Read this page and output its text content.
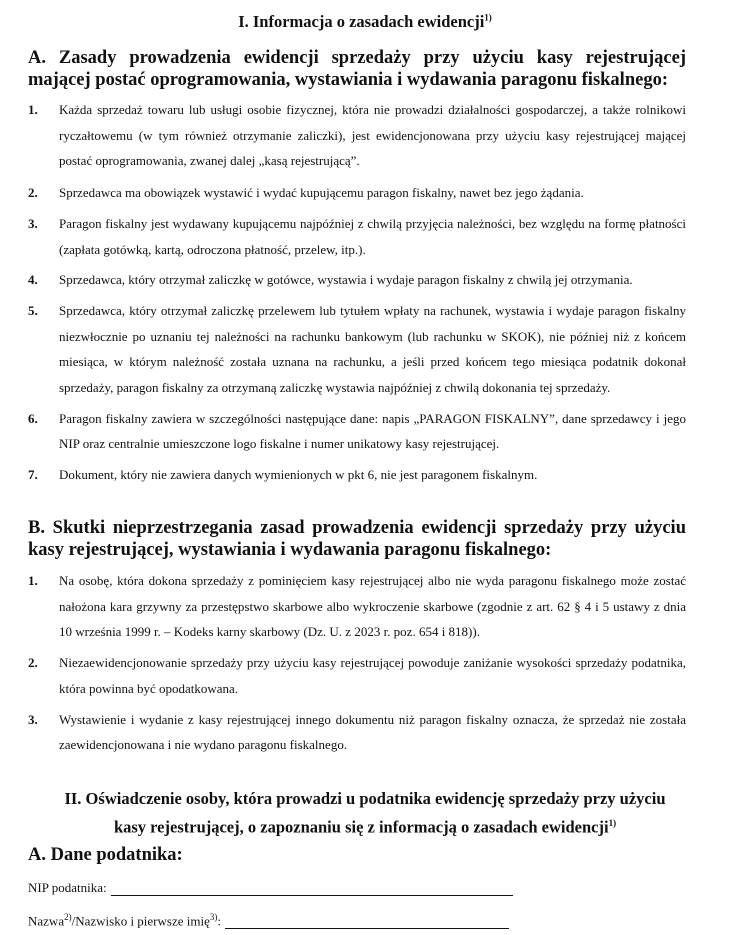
I. Informacja o zasadach ewidencji$^{1)}$
A. Zasady prowadzenia ewidencji sprzedaży przy użyciu kasy rejestrującej
mającej postać oprogramowania, wystawiania i wydawania paragonu fiskalnego:
1. Każda sprzedaż towaru lub usługi osobie fizycznej, która nie prowadzi działalności gospodarczej, a także rolnikowi ryczałtowemu (w tym również otrzymanie zaliczki), jest ewidencjonowana przy użyciu kasy rejestrującej mającej postać oprogramowania, zwanej dalej „kasą rejestrującą”.
2. Sprzedawca ma obowiązek wystawić i wydać kupującemu paragon fiskalny, nawet bez jego żądania.
3. Paragon fiskalny jest wydawany kupującemu najpóźniej z chwilą przyjęcia należności, bez względu na formę płatności (zapłata gotówką, kartą, odroczona płatność, przelew, itp.).
4. Sprzedawca, który otrzymał zaliczkę w gotówce, wystawia i wydaje paragon fiskalny z chwilą jej otrzymania.
5. Sprzedawca, który otrzymał zaliczkę przelewem lub tytułem wpłaty na rachunek, wystawia i wydaje paragon fiskalny niezwłocznie po uznaniu tej należności na rachunku bankowym (lub rachunku w SKOK), nie później niż z końcem miesiąca, w którym należność została uznana na rachunku, a jeśli przed końcem tego miesiąca podatnik dokonał sprzedaży, paragon fiskalny za otrzymaną zaliczkę wystawia najpóźniej z chwilą dokonania tej sprzedaży.
6. Paragon fiskalny zawiera w szczególności następujące dane: napis „PARAGON FISKALNY”, dane sprzedawcy i jego NIP oraz centralnie umieszczone logo fiskalne i numer unikatowy kasy rejestrującej.
7. Dokument, który nie zawiera danych wymienionych w pkt 6, nie jest paragonem fiskalnym.
B. Skutki nieprzestrzegania zasad prowadzenia ewidencji sprzedaży przy użyciu
kasy rejestrującej, wystawiania i wydawania paragonu fiskalnego:
1. Na osobę, która dokona sprzedaży z pominięciem kasy rejestrującej albo nie wyda paragonu fiskalnego może zostać nałożona kara grzywny za przestępstwo skarbowe albo wykroczenie skarbowe (zgodnie z art. 62 § 4 i 5 ustawy z dnia 10 września 1999 r. – Kodeks karny skarbowy (Dz. U. z 2023 r. poz. 654 i 818)).
2. Niezaewidencjonowanie sprzedaży przy użyciu kasy rejestrującej powoduje zaniżanie wysokości sprzedaży podatnika, która powinna być opodatkowana.
3. Wystawienie i wydanie z kasy rejestrującej innego dokumentu niż paragon fiskalny oznacza, że sprzedaż nie została zaewidencjonowana i nie wydano paragonu fiskalnego.
II. Oświadczenie osoby, która prowadzi u podatnika ewidencję sprzedaży przy użyciu
kasy rejestrującej, o zapoznaniu się z informacją o zasadach ewidencji$^{1)}$
A. Dane podatnika:
NIP podatnika:
Nazwa$^{2)}$/Nazwisko i pierwsze imię$^{3)}$:
